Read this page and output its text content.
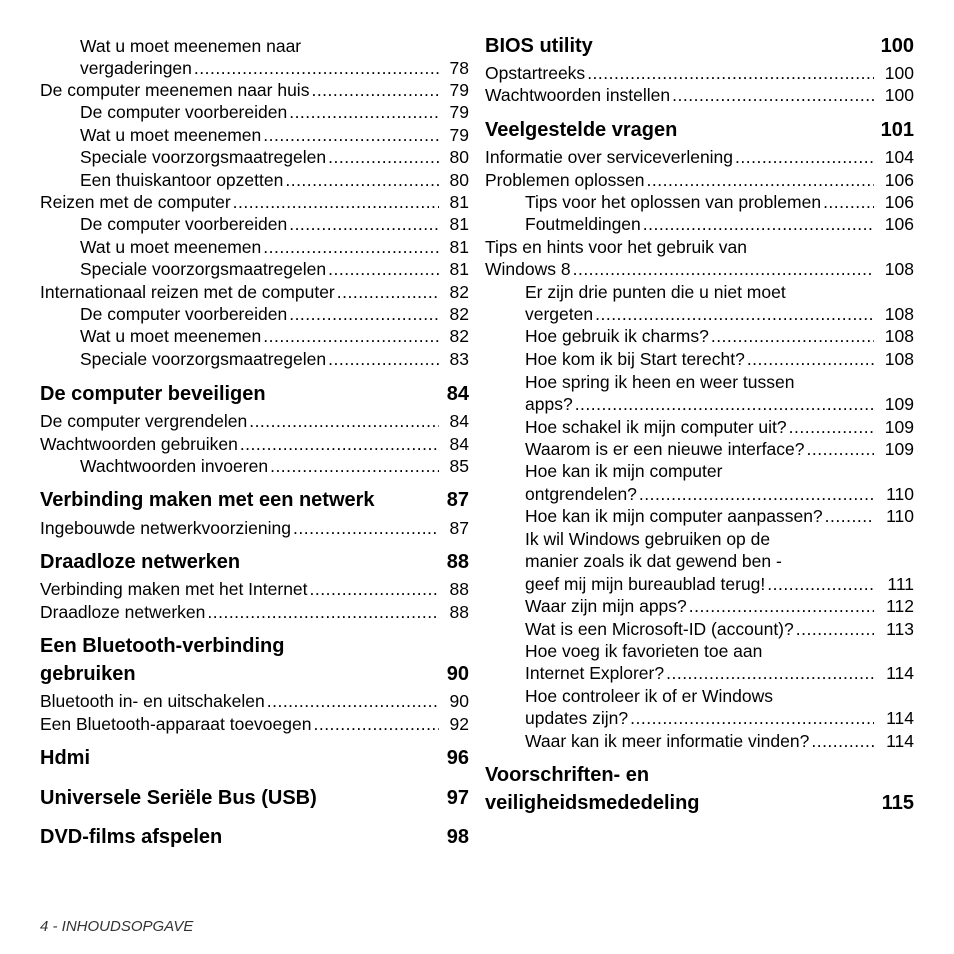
Wat u moet meenemen naar
vergaderingen .....	78
De computer meenemen naar huis .....	79
De computer voorbereiden .....	79
Wat u moet meenemen .....	79
Speciale voorzorgsmaatregelen .....	80
Een thuiskantoor opzetten .....	80
Reizen met de computer .....	81
De computer voorbereiden .....	81
Wat u moet meenemen .....	81
Speciale voorzorgsmaatregelen .....	81
Internationaal reizen met de computer .....	82
De computer voorbereiden .....	82
Wat u moet meenemen .....	82
Speciale voorzorgsmaatregelen .....	83
De computer beveiligen	84
De computer vergrendelen .....	84
Wachtwoorden gebruiken .....	84
Wachtwoorden invoeren .....	85
Verbinding maken met een netwerk	87
Ingebouwde netwerkvoorziening .....	87
Draadloze netwerken	88
Verbinding maken met het Internet .....	88
Draadloze netwerken .....	88
Een Bluetooth-verbinding
gebruiken	90
Bluetooth in- en uitschakelen .....	90
Een Bluetooth-apparaat toevoegen .....	92
Hdmi	96
Universele Seriële Bus (USB)	97
DVD-films afspelen	98
BIOS utility	100
Opstartreeks .....	100
Wachtwoorden instellen .....	100
Veelgestelde vragen	101
Informatie over serviceverlening .....	104
Problemen oplossen .....	106
Tips voor het oplossen van problemen .....	106
Foutmeldingen .....	106
Tips en hints voor het gebruik van
Windows 8 .....	108
Er zijn drie punten die u niet moet
vergeten .....	108
Hoe gebruik ik charms? .....	108
Hoe kom ik bij Start terecht? .....	108
Hoe spring ik heen en weer tussen
apps? .....	109
Hoe schakel ik mijn computer uit? .....	109
Waarom is er een nieuwe interface? .....	109
Hoe kan ik mijn computer
ontgrendelen? .....	110
Hoe kan ik mijn computer aanpassen? .....	110
Ik wil Windows gebruiken op de
manier zoals ik dat gewend ben -
geef mij mijn bureaublad terug! .....	111
Waar zijn mijn apps? .....	112
Wat is een Microsoft-ID (account)? .....	113
Hoe voeg ik favorieten toe aan
Internet Explorer? .....	114
Hoe controleer ik of er Windows
updates zijn? .....	114
Waar kan ik meer informatie vinden? .....	114
Voorschriften- en
veiligheidsmededeling	115
4 - INHOUDSOPGAVE
